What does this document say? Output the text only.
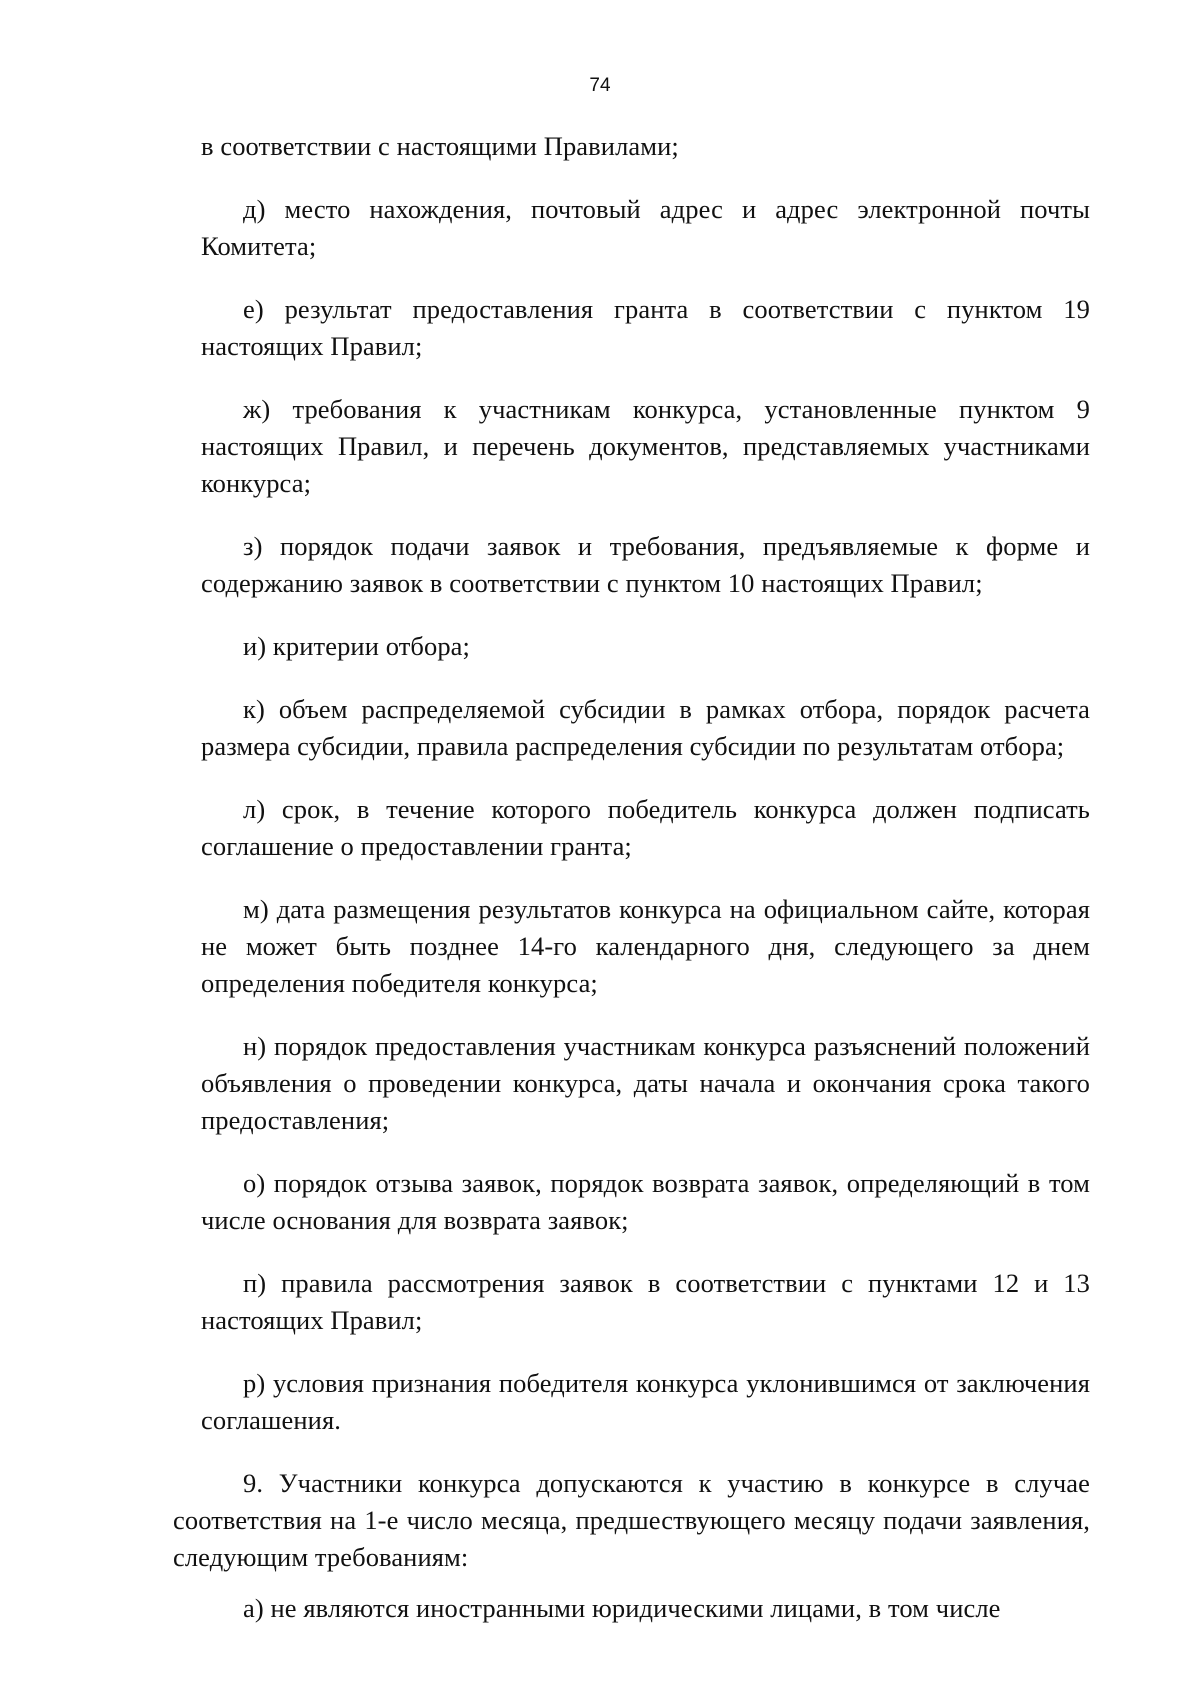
74

в соответствии с настоящими Правилами;

д) место нахождения, почтовый адрес и адрес электронной почты Комитета;

е) результат предоставления гранта в соответствии с пунктом 19 настоящих Правил;

ж) требования к участникам конкурса, установленные пунктом 9 настоящих Правил, и перечень документов, представляемых участниками конкурса;

з) порядок подачи заявок и требования, предъявляемые к форме и содержанию заявок в соответствии с пунктом 10 настоящих Правил;

и) критерии отбора;

к) объем распределяемой субсидии в рамках отбора, порядок расчета размера субсидии, правила распределения субсидии по результатам отбора;

л) срок, в течение которого победитель конкурса должен подписать соглашение о предоставлении гранта;

м) дата размещения результатов конкурса на официальном сайте, которая не может быть позднее 14-го календарного дня, следующего за днем определения победителя конкурса;

н) порядок предоставления участникам конкурса разъяснений положений объявления о проведении конкурса, даты начала и окончания срока такого предоставления;

о) порядок отзыва заявок, порядок возврата заявок, определяющий в том числе основания для возврата заявок;

п) правила рассмотрения заявок в соответствии с пунктами 12 и 13 настоящих Правил;

р) условия признания победителя конкурса уклонившимся от заключения соглашения.

9. Участники конкурса допускаются к участию в конкурсе в случае соответствия на 1-е число месяца, предшествующего месяцу подачи заявления, следующим требованиям:

а) не являются иностранными юридическими лицами, в том числе
